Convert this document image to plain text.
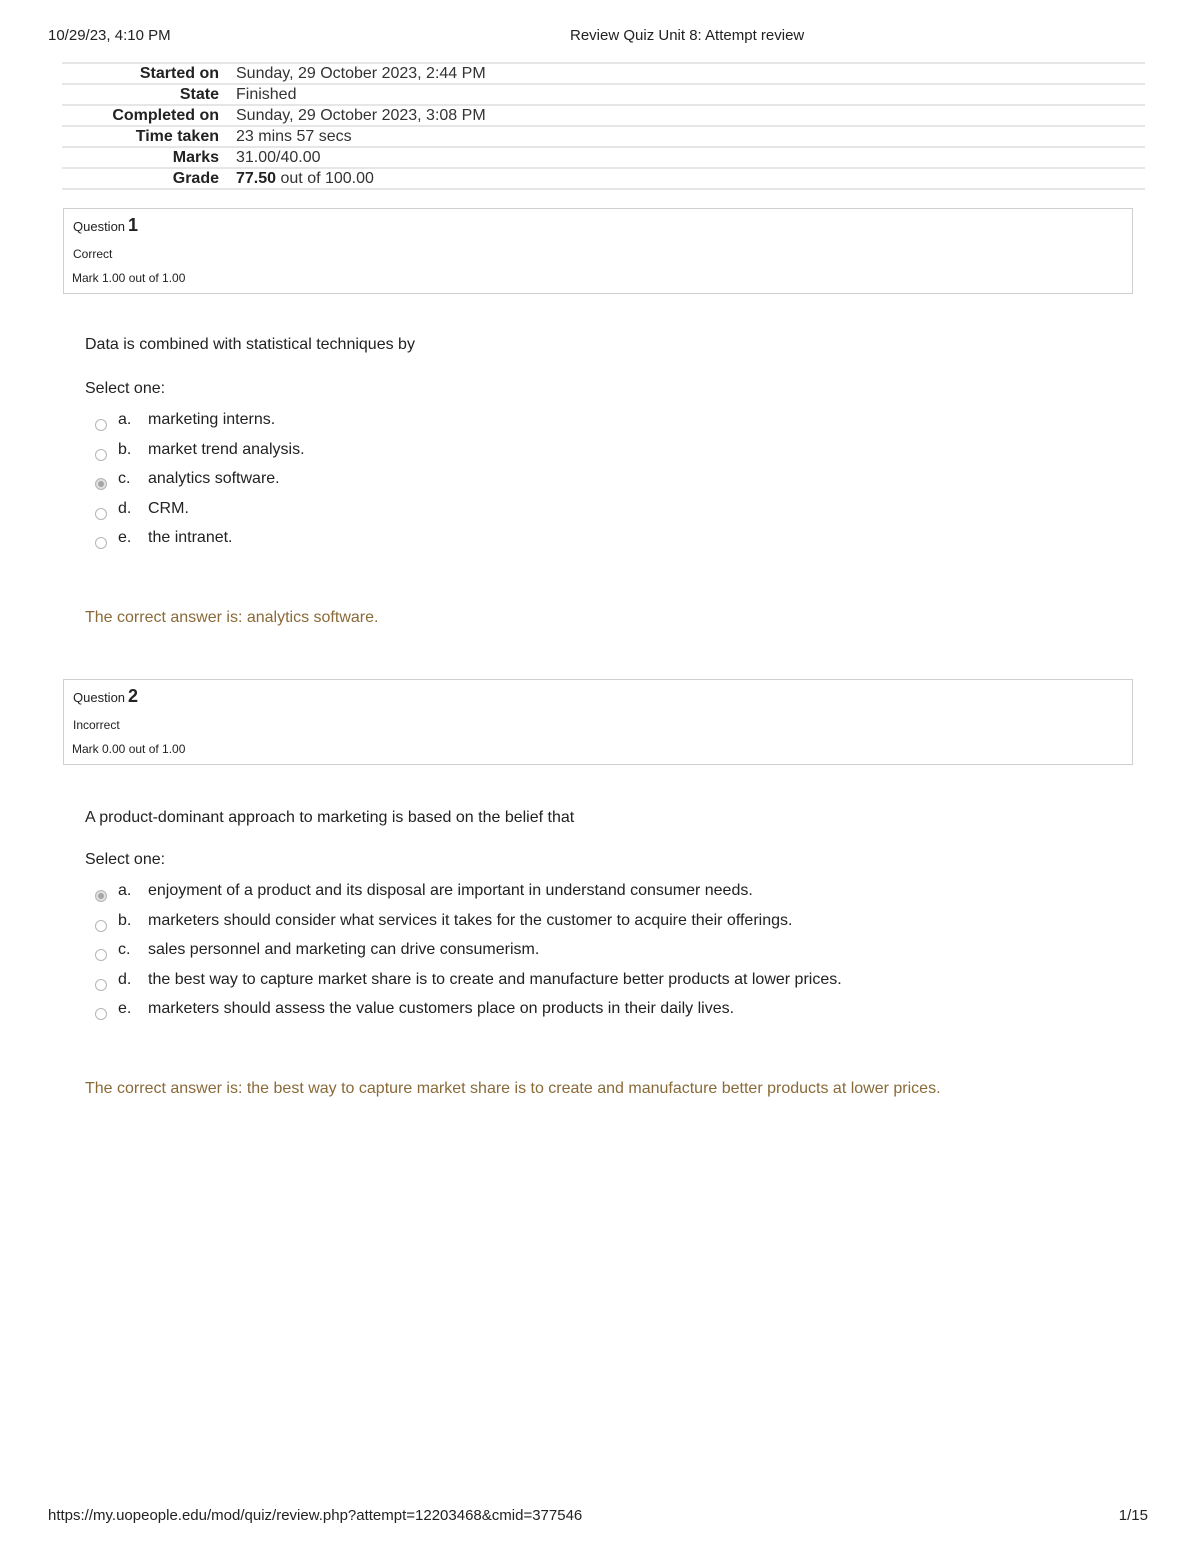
10/29/23, 4:10 PM	Review Quiz Unit 8: Attempt review
Started on	Sunday, 29 October 2023, 2:44 PM
State	Finished
Completed on	Sunday, 29 October 2023, 3:08 PM
Time taken	23 mins 57 secs
Marks	31.00/40.00
Grade	77.50 out of 100.00
Question 1
Correct
Mark 1.00 out of 1.00
Data is combined with statistical techniques by
Select one:
a. marketing interns.
b. market trend analysis.
c. analytics software.
d. CRM.
e. the intranet.
The correct answer is: analytics software.
Question 2
Incorrect
Mark 0.00 out of 1.00
A product-dominant approach to marketing is based on the belief that
Select one:
a. enjoyment of a product and its disposal are important in understand consumer needs.
b. marketers should consider what services it takes for the customer to acquire their offerings.
c. sales personnel and marketing can drive consumerism.
d. the best way to capture market share is to create and manufacture better products at lower prices.
e. marketers should assess the value customers place on products in their daily lives.
The correct answer is: the best way to capture market share is to create and manufacture better products at lower prices.
https://my.uopeople.edu/mod/quiz/review.php?attempt=12203468&cmid=377546	1/15
